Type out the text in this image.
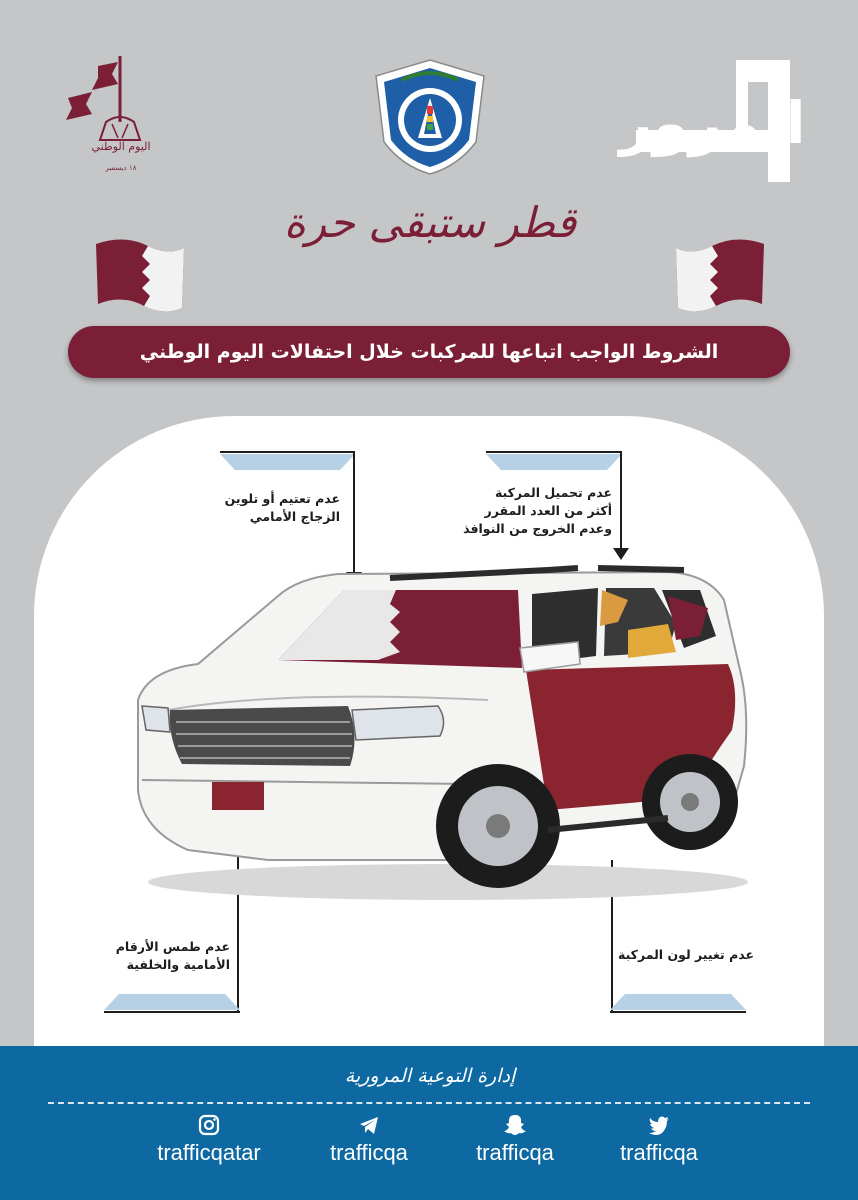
اليوم الوطني
١٨ ديسمبر
المرور
قطر ستبقى حرة
الشروط الواجب اتباعها للمركبات خلال احتفالات اليوم الوطني
عدم تعتيم أو تلوين
الزجاج الأمامي
عدم تحميل المركبة
أكثر من العدد المقرر
وعدم الخروج من النوافذ
عدم طمس الأرقام
الأمامية والخلفية
عدم تغيير لون المركبة
إدارة التوعية المرورية
trafficqatar	trafficqa	trafficqa	trafficqa
